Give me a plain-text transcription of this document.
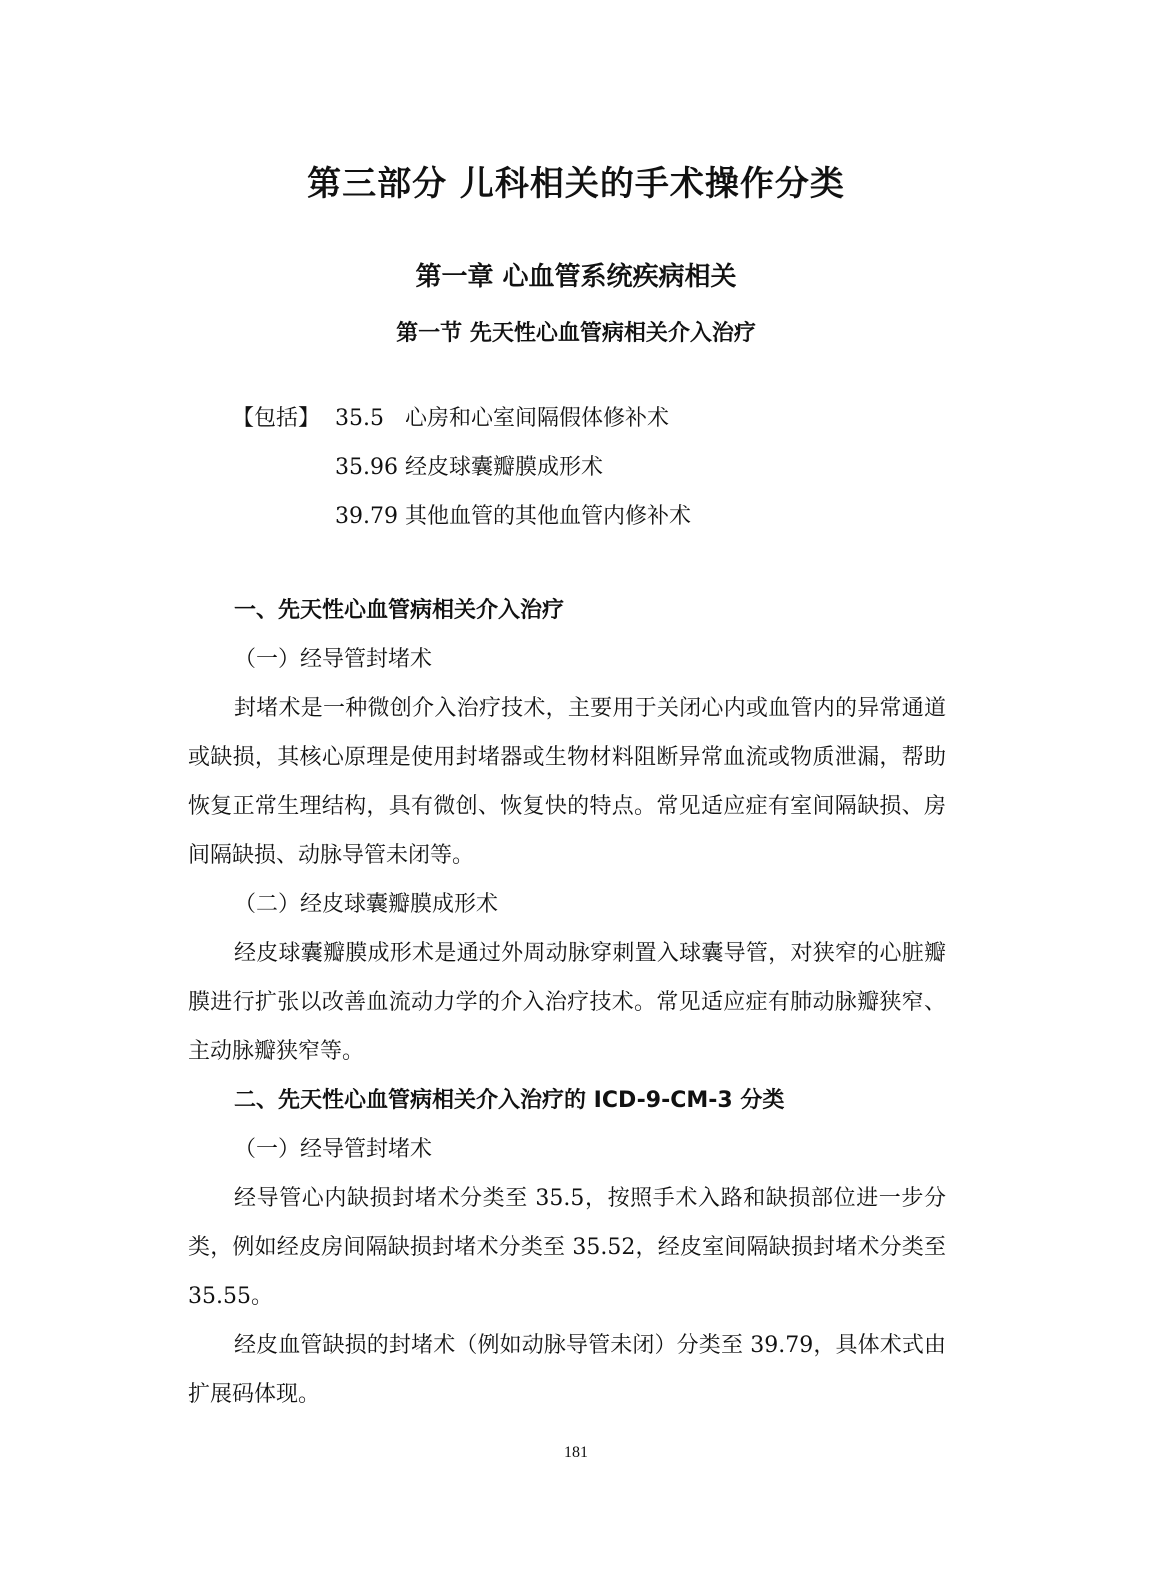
第三部分 儿科相关的手术操作分类
第一章 心血管系统疾病相关
第一节 先天性心血管病相关介入治疗
【包括】 35.5 心房和心室间隔假体修补术
35.96 经皮球囊瓣膜成形术
39.79 其他血管的其他血管内修补术

一、先天性心血管病相关介入治疗

（一）经导管封堵术

封堵术是一种微创介入治疗技术，主要用于关闭心内或血管内的异常通道或缺损，其核心原理是使用封堵器或生物材料阻断异常血流或物质泄漏，帮助恢复正常生理结构，具有微创、恢复快的特点。常见适应症有室间隔缺损、房间隔缺损、动脉导管未闭等。

（二）经皮球囊瓣膜成形术

经皮球囊瓣膜成形术是通过外周动脉穿刺置入球囊导管，对狭窄的心脏瓣膜进行扩张以改善血流动力学的介入治疗技术。常见适应症有肺动脉瓣狭窄、主动脉瓣狭窄等。

二、先天性心血管病相关介入治疗的 ICD-9-CM-3 分类

（一）经导管封堵术

经导管心内缺损封堵术分类至 35.5，按照手术入路和缺损部位进一步分类，例如经皮房间隔缺损封堵术分类至 35.52，经皮室间隔缺损封堵术分类至 35.55。

经皮血管缺损的封堵术（例如动脉导管未闭）分类至 39.79，具体术式由扩展码体现。

181
